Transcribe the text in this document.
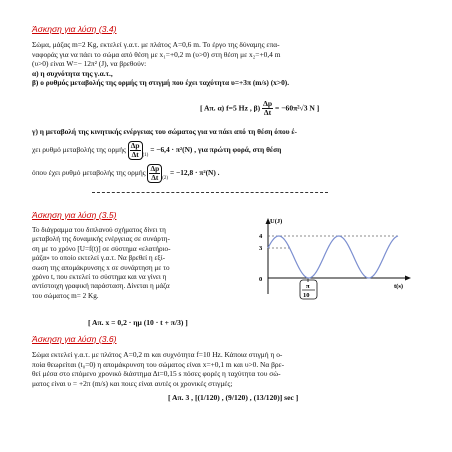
Άσκηση για λύση (3.4)
Σώμα, μάζας m=2 Kg, εκτελεί γ.α.τ. με πλάτος A=0,6 m. Το έργο της δύναμης επα-
ναφοράς για να πάει το σώμα από θέση με x₁=+0,2 m (υ>0) στη θέση με x₂=+0,4 m
(υ>0) είναι W=− 12π² (J), να βρεθούν:
α) η συχνότητα της γ.α.τ.,
β) ο ρυθμός μεταβολής της ορμής τη στιγμή που έχει ταχύτητα υ=+3π (m/s) (x>0).
[ Απ. α) f=5 Hz , $\beta) \frac{\Delta p}{\Delta t} = -60\pi^2√3$ N ]
γ) η μεταβολή της κινητικής ενέργειας του σώματος για να πάει από τη θέση όπου έ-
χει ρυθμό μεταβολής της ορμής $\frac{\Delta p}{\Delta t} _{(1)} = -6,4 \cdot \pi^2(N)$ , για πρώτη φορά, στη θέση
όπου έχει ρυθμό μεταβολής της ορμής $\frac{\Delta p}{\Delta t} _{(2)} = -12,8 \cdot \pi^2(N)$ .
Άσκηση για λύση (3.5)
Το διάγραμμα του διπλανού σχήματος δίνει τη
μεταβολή της δυναμικής ενέργειας σε συνάρτη-
ση με το χρόνο [U=f(t)] σε σύστημα «ελατήριο-
μάζα» το οποίο εκτελεί γ.α.τ. Να βρεθεί η εξί-
σωση της απομάκρυνσης x σε συνάρτηση με το
χρόνο t, που εκτελεί το σύστημα και να γίνει η
αντίστοιχη γραφική παράσταση. Δίνεται η μάζα
του σώματος m= 2 Kg.
U(J)
t(s)
4
3
0
π
10
[ Απ. x = 0,2 · ημ (10 · t + π/3) ]
Άσκηση για λύση (3.6)
Σώμα εκτελεί γ.α.τ. με πλάτος A=0,2 m και συχνότητα f=10 Hz. Κάποια στιγμή η ο-
ποία θεωρείται (t₀=0) η απομάκρυνση του σώματος είναι x=+0,1 m και υ>0. Να βρε-
θεί μέσα στο επόμενο χρονικό διάστημα Δt=0,15 s πόσες φορές η ταχύτητα του σώ-
ματος είναι υ = +2π (m/s) και ποιες είναι αυτές οι χρονικές στιγμές;
[ Απ. 3 , [(1/120) , (9/120) , (13/120)] sec ]
